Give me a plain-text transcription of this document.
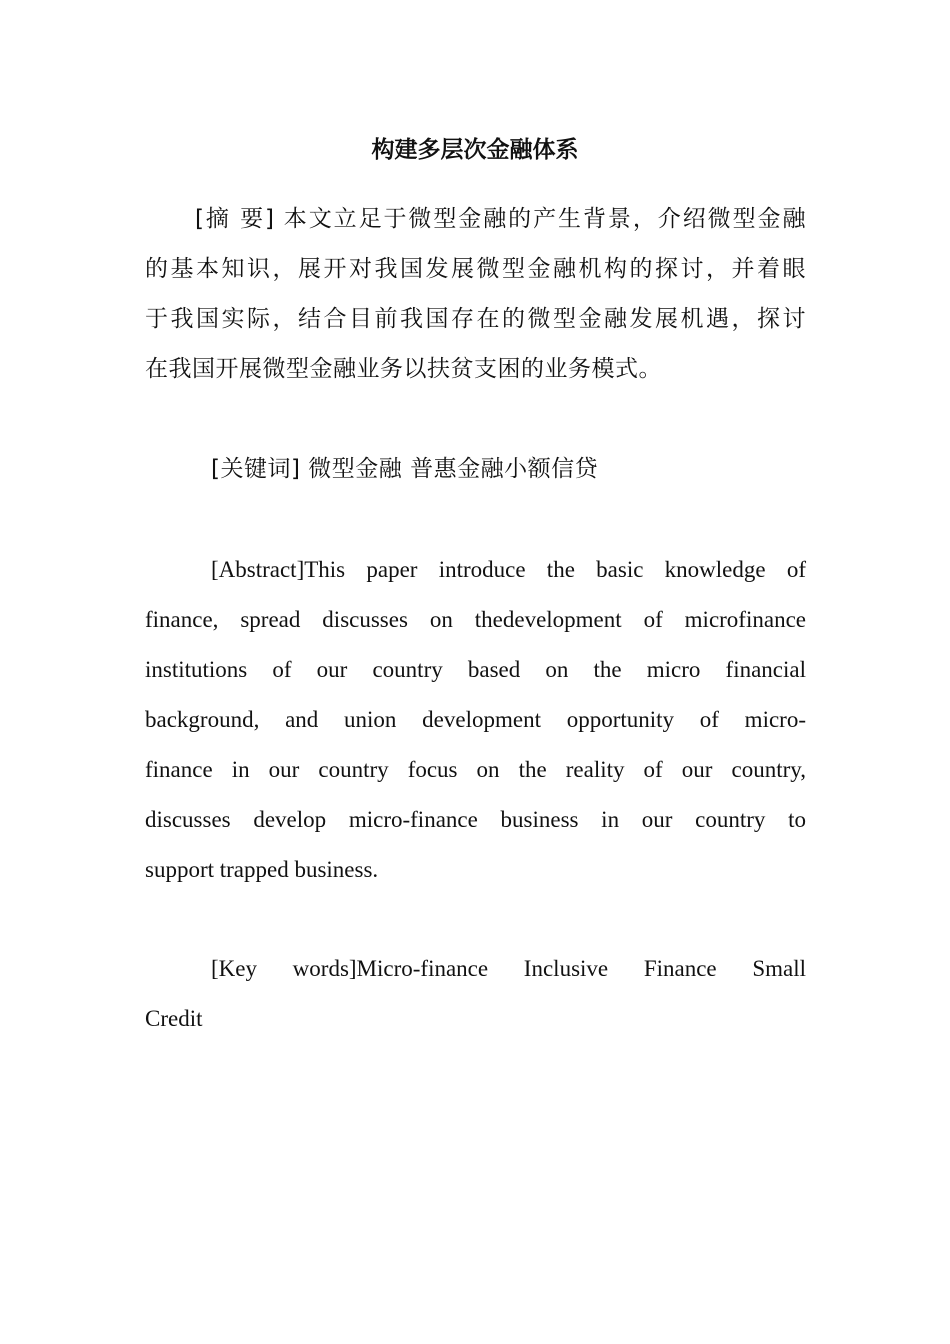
构建多层次金融体系
[摘 要] 本文立足于微型金融的产生背景，介绍微型金融
的基本知识，展开对我国发展微型金融机构的探讨，并着眼
于我国实际，结合目前我国存在的微型金融发展机遇，探讨
在我国开展微型金融业务以扶贫支困的业务模式。
[关键词] 微型金融 普惠金融小额信贷
[Abstract]This paper introduce the basic knowledge of
finance, spread discusses on thedevelopment of microfinance
institutions of our country based on the micro financial
background, and union development opportunity of micro-
finance in our country focus on the reality of our country,
discusses develop micro-finance business in our country to
support trapped business.
[Key words]Micro-finance Inclusive Finance Small
Credit
